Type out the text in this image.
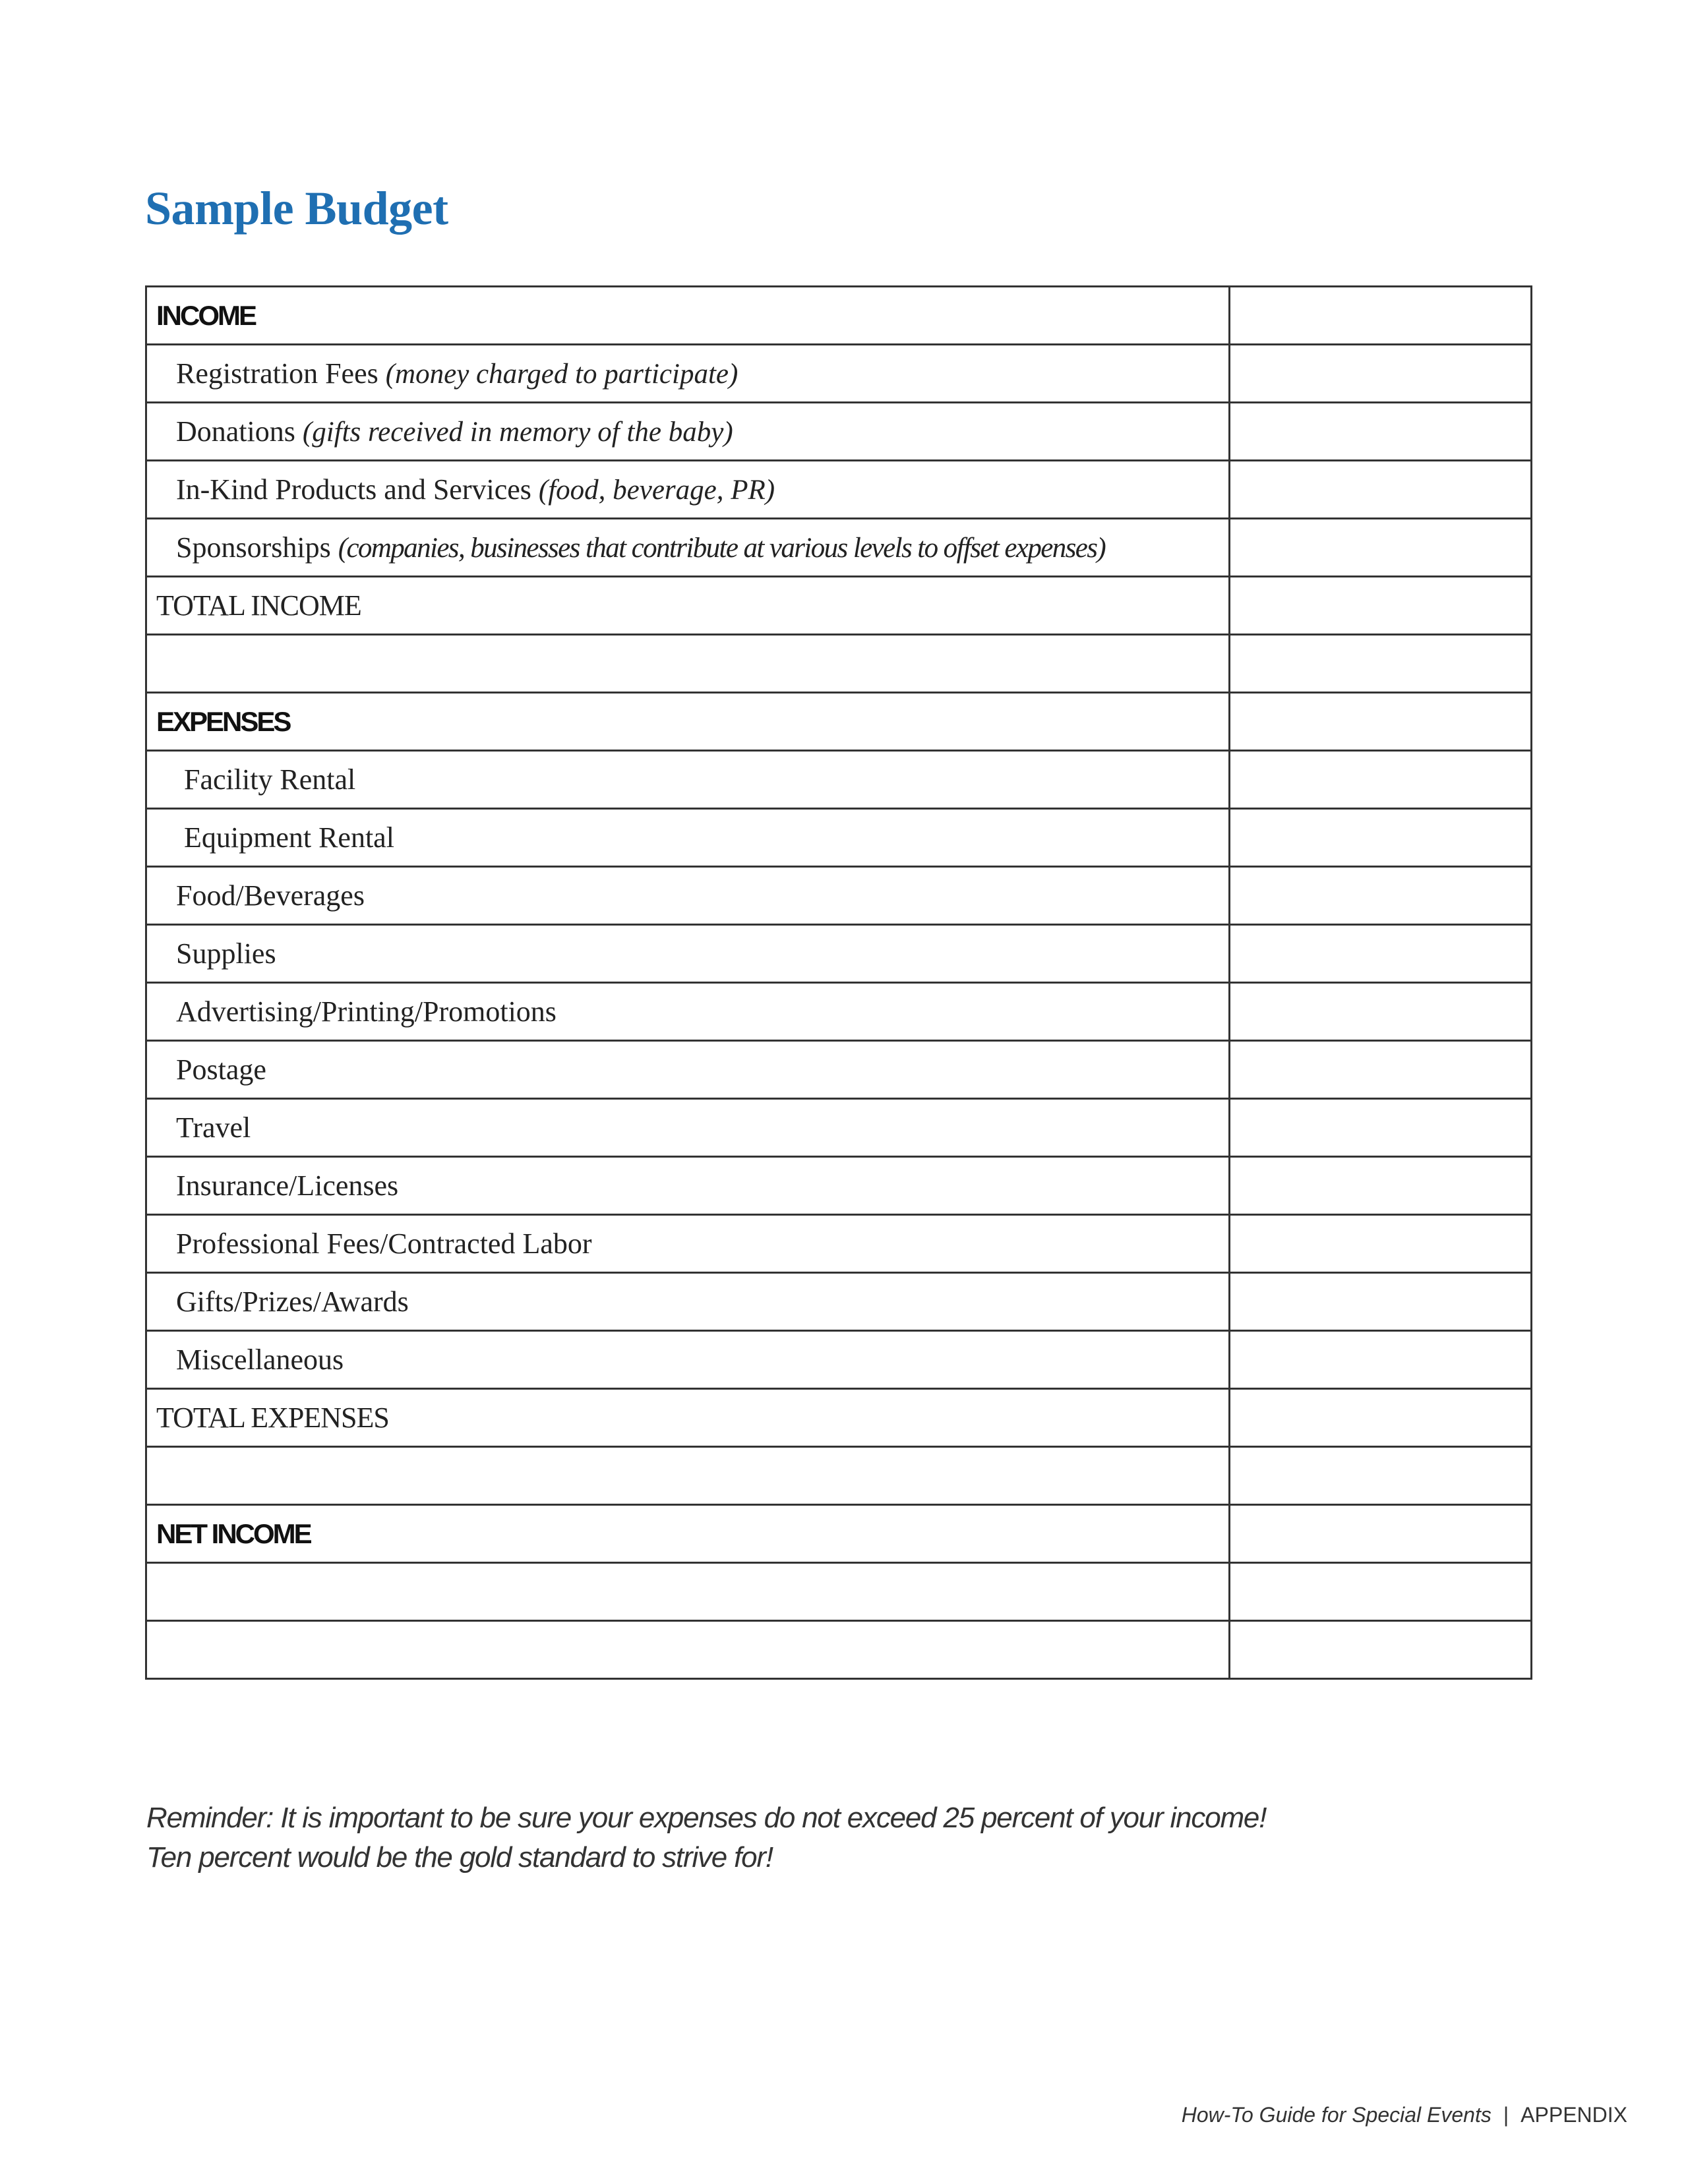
Sample Budget
INCOME	

Registration Fees (money charged to participate)	

Donations (gifts received in memory of the baby)	

In-Kind Products and Services (food, beverage, PR)	

Sponsorships (companies, businesses that contribute at various levels to offset expenses)	

TOTAL INCOME	

EXPENSES	

Facility Rental	

Equipment Rental	

Food/Beverages	

Supplies	

Advertising/Printing/Promotions	

Postage	

Travel	

Insurance/Licenses	

Professional Fees/Contracted Labor	

Gifts/Prizes/Awards	

Miscellaneous	

TOTAL EXPENSES	

NET INCOME	

Reminder: It is important to be sure your expenses do not exceed 25 percent of your income!
Ten percent would be the gold standard to strive for!

How-To Guide for Special Events | APPENDIX
